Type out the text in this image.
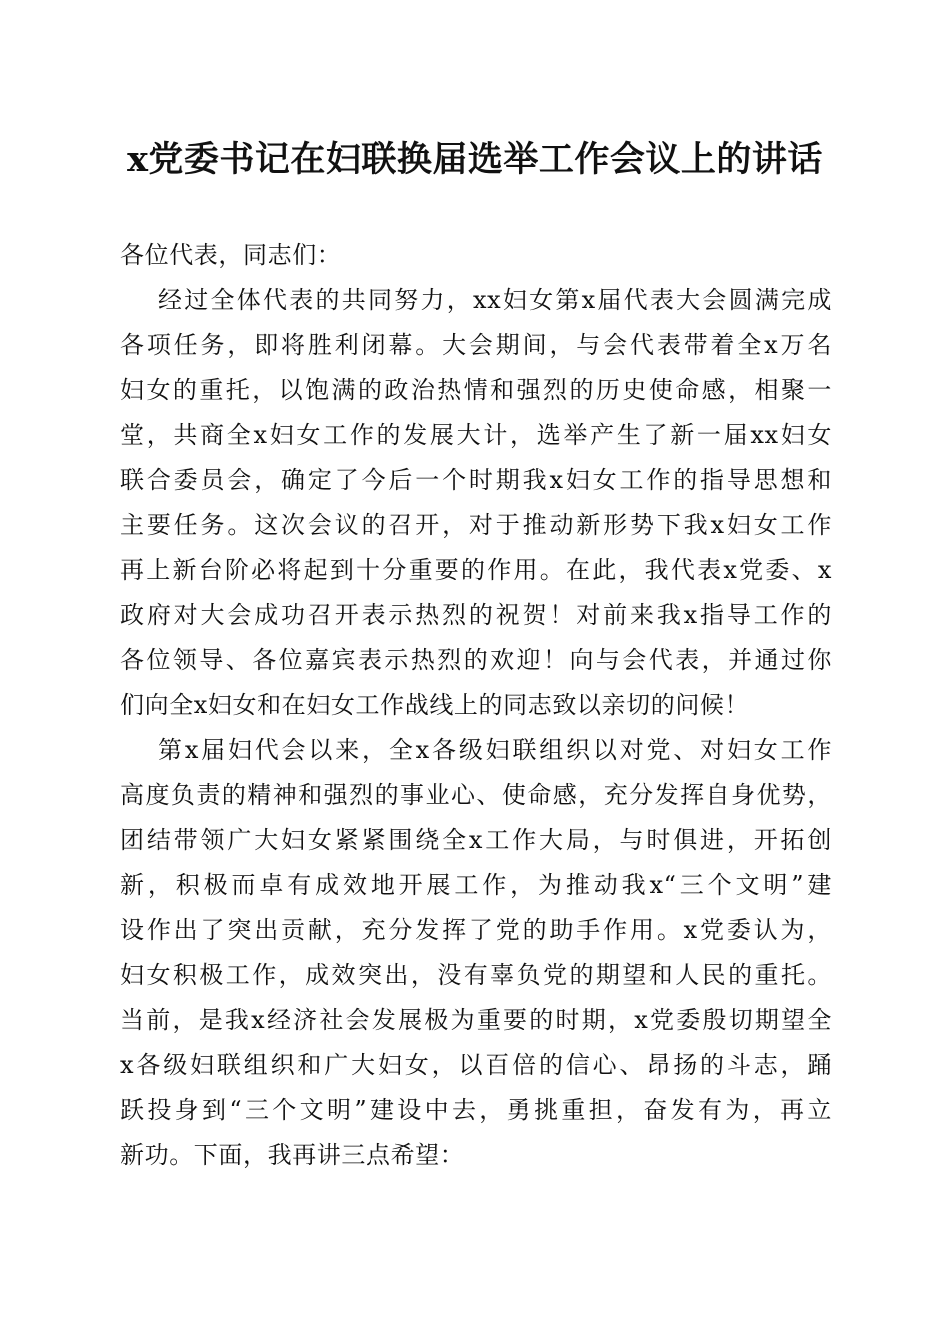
x党委书记在妇联换届选举工作会议上的讲话
各位代表，同志们：
经过全体代表的共同努力，xx妇女第x届代表大会圆满完成
各项任务，即将胜利闭幕。大会期间，与会代表带着全x万名
妇女的重托，以饱满的政治热情和强烈的历史使命感，相聚一
堂，共商全x妇女工作的发展大计，选举产生了新一届xx妇女
联合委员会，确定了今后一个时期我x妇女工作的指导思想和
主要任务。这次会议的召开，对于推动新形势下我x妇女工作
再上新台阶必将起到十分重要的作用。在此，我代表x党委、x
政府对大会成功召开表示热烈的祝贺！对前来我x指导工作的
各位领导、各位嘉宾表示热烈的欢迎！向与会代表，并通过你
们向全x妇女和在妇女工作战线上的同志致以亲切的问候！
第x届妇代会以来，全x各级妇联组织以对党、对妇女工作
高度负责的精神和强烈的事业心、使命感，充分发挥自身优势，
团结带领广大妇女紧紧围绕全x工作大局，与时俱进，开拓创
新，积极而卓有成效地开展工作，为推动我x“三个文明”建
设作出了突出贡献，充分发挥了党的助手作用。x党委认为，
妇女积极工作，成效突出，没有辜负党的期望和人民的重托。
当前，是我x经济社会发展极为重要的时期，x党委殷切期望全
x各级妇联组织和广大妇女，以百倍的信心、昂扬的斗志，踊
跃投身到“三个文明”建设中去，勇挑重担，奋发有为，再立
新功。下面，我再讲三点希望：
